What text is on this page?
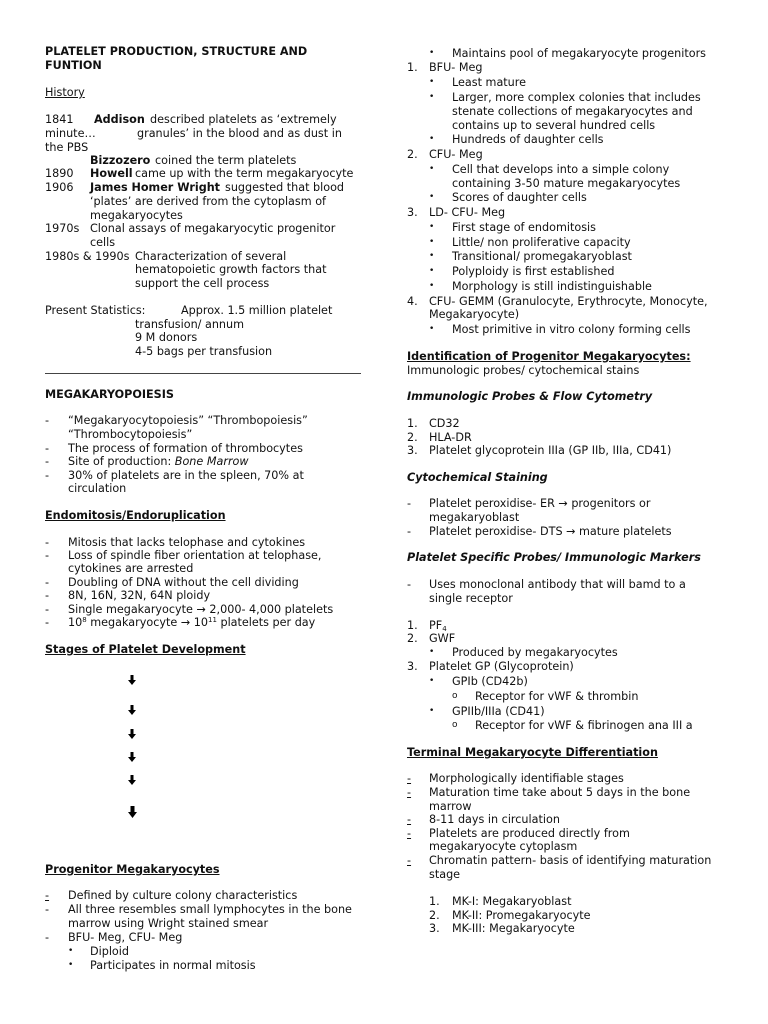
PLATELET PRODUCTION, STRUCTURE AND
FUNTION
History
1841 Addison described platelets as ‘extremely
minute…	granules’ in the blood and as dust in
the PBS
Bizzozero coined the term platelets
1890 Howell came up with the term megakaryocyte
1906 James Homer Wright suggested that blood
‘plates’ are derived from the cytoplasm of
megakaryocytes
1970s Clonal assays of megakaryocytic progenitor
cells
1980s & 1990s Characterization of several
hematopoietic growth factors that
support the cell process
Present Statistics:	Approx. 1.5 million platelet
transfusion/ annum
9 M donors
4-5 bags per transfusion
MEGAKARYOPOIESIS
- “Megakaryocytopoiesis” “Thrombopoiesis”
“Thrombocytopoiesis”
- The process of formation of thrombocytes
- Site of production: Bone Marrow
- 30% of platelets are in the spleen, 70% at
circulation
Endomitosis/Endoruplication
- Mitosis that lacks telophase and cytokines
- Loss of spindle fiber orientation at telophase,
cytokines are arrested
- Doubling of DNA without the cell dividing
- 8N, 16N, 32N, 64N ploidy
- Single megakaryocyte → 2,000- 4,000 platelets
- $10^8$ megakaryocyte → $10^{11}$ platelets per day
Stages of Platelet Development
Progenitor Megakaryocytes
-	Defined by culture colony characteristics
- All three resembles small lymphocytes in the bone
marrow using Wright stained smear
- BFU- Meg, CFU- Meg
• Diploid
• Participates in normal mitosis
• Maintains pool of megakaryocyte progenitors
1. BFU- Meg
• Least mature
• Larger, more complex colonies that includes
stenate collections of megakaryocytes and
contains up to several hundred cells
• Hundreds of daughter cells
2. CFU- Meg
• Cell that develops into a simple colony
containing 3-50 mature megakaryocytes
• Scores of daughter cells
3. LD- CFU- Meg
• First stage of endomitosis
• Little/ non proliferative capacity
• Transitional/ promegakaryoblast
• Polyploidy is first established
• Morphology is still indistinguishable
4. CFU- GEMM (Granulocyte, Erythrocyte, Monocyte,
Megakaryocyte)
• Most primitive in vitro colony forming cells
Identification of Progenitor Megakaryocytes:
Immunologic probes/ cytochemical stains
Immunologic Probes & Flow Cytometry
1. CD32
2. HLA-DR
3. Platelet glycoprotein IIIa (GP IIb, IIIa, CD41)
Cytochemical Staining
- Platelet peroxidise- ER → progenitors or
megakaryoblast
- Platelet peroxidise- DTS → mature platelets
Platelet Specific Probes/ Immunologic Markers
- Uses monoclonal antibody that will bamd to a
single receptor
1. $PF_4$
2. GWF
• Produced by megakaryocytes
3. Platelet GP (Glycoprotein)
• GPIb (CD42b)
o Receptor for vWF & thrombin
• GPIIb/IIIa (CD41)
o Receptor for vWF & fibrinogen ana III a
Terminal Megakaryocyte Differentiation
-	Morphologically identifiable stages
-	Maturation time take about 5 days in the bone
marrow
-	8-11 days in circulation
-	Platelets are produced directly from
megakaryocyte cytoplasm
-	Chromatin pattern- basis of identifying maturation
stage
1. MK-I: Megakaryoblast
2. MK-II: Promegakaryocyte
3. MK-III: Megakaryocyte
